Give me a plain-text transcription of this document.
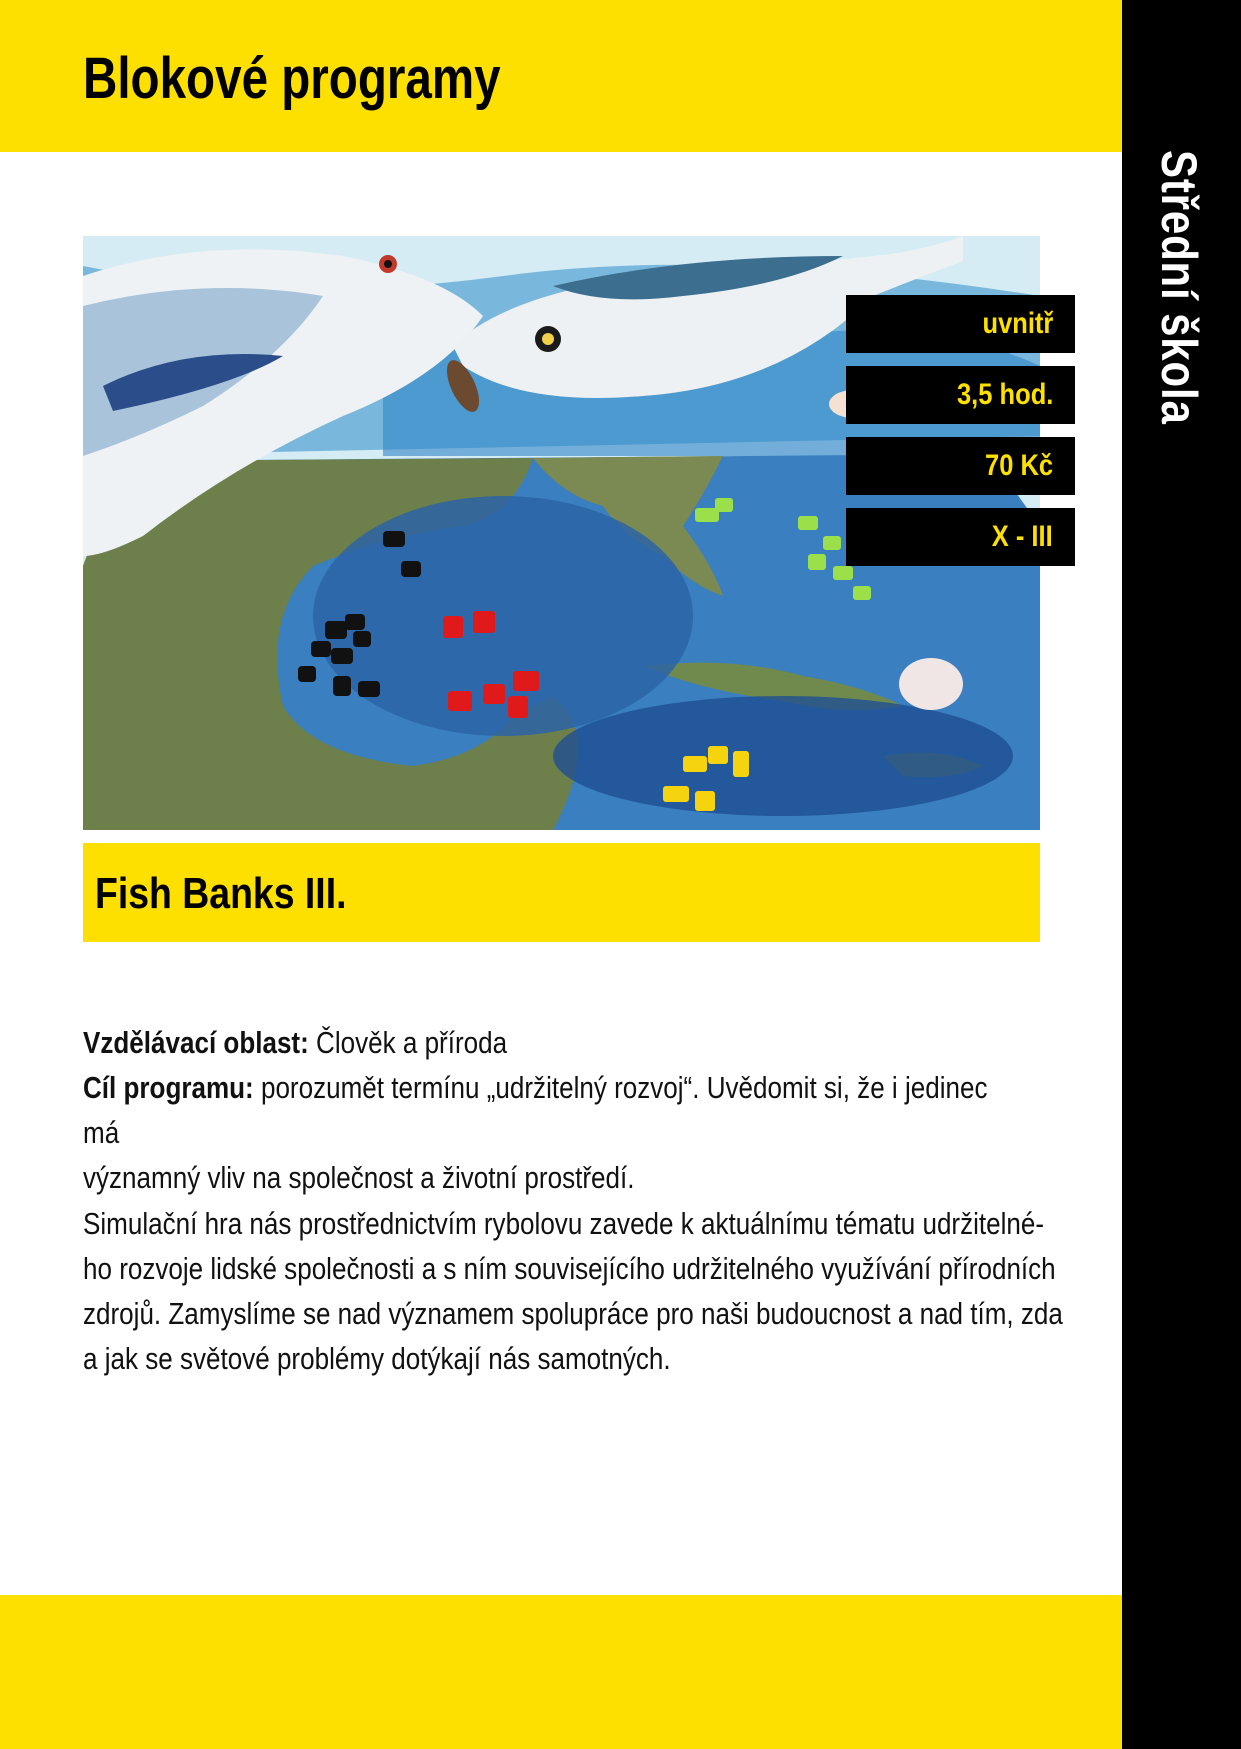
Blokové programy
Střední škola
uvnitř
3,5 hod.
70 Kč
X - III
Fish Banks III.

Vzdělávací oblast: Člověk a příroda

Cíl programu: porozumět termínu „udržitelný rozvoj“. Uvědomit si, že i jedinec má

významný vliv na společnost a životní prostředí.

Simulační hra nás prostřednictvím rybolovu zavede k aktuálnímu tématu udržitelné-
ho rozvoje lidské společnosti a s ním souvisejícího udržitelného využívání přírodních
zdrojů. Zamyslíme se nad významem spolupráce pro naši budoucnost a nad tím, zda
a jak se světové problémy dotýkají nás samotných.
